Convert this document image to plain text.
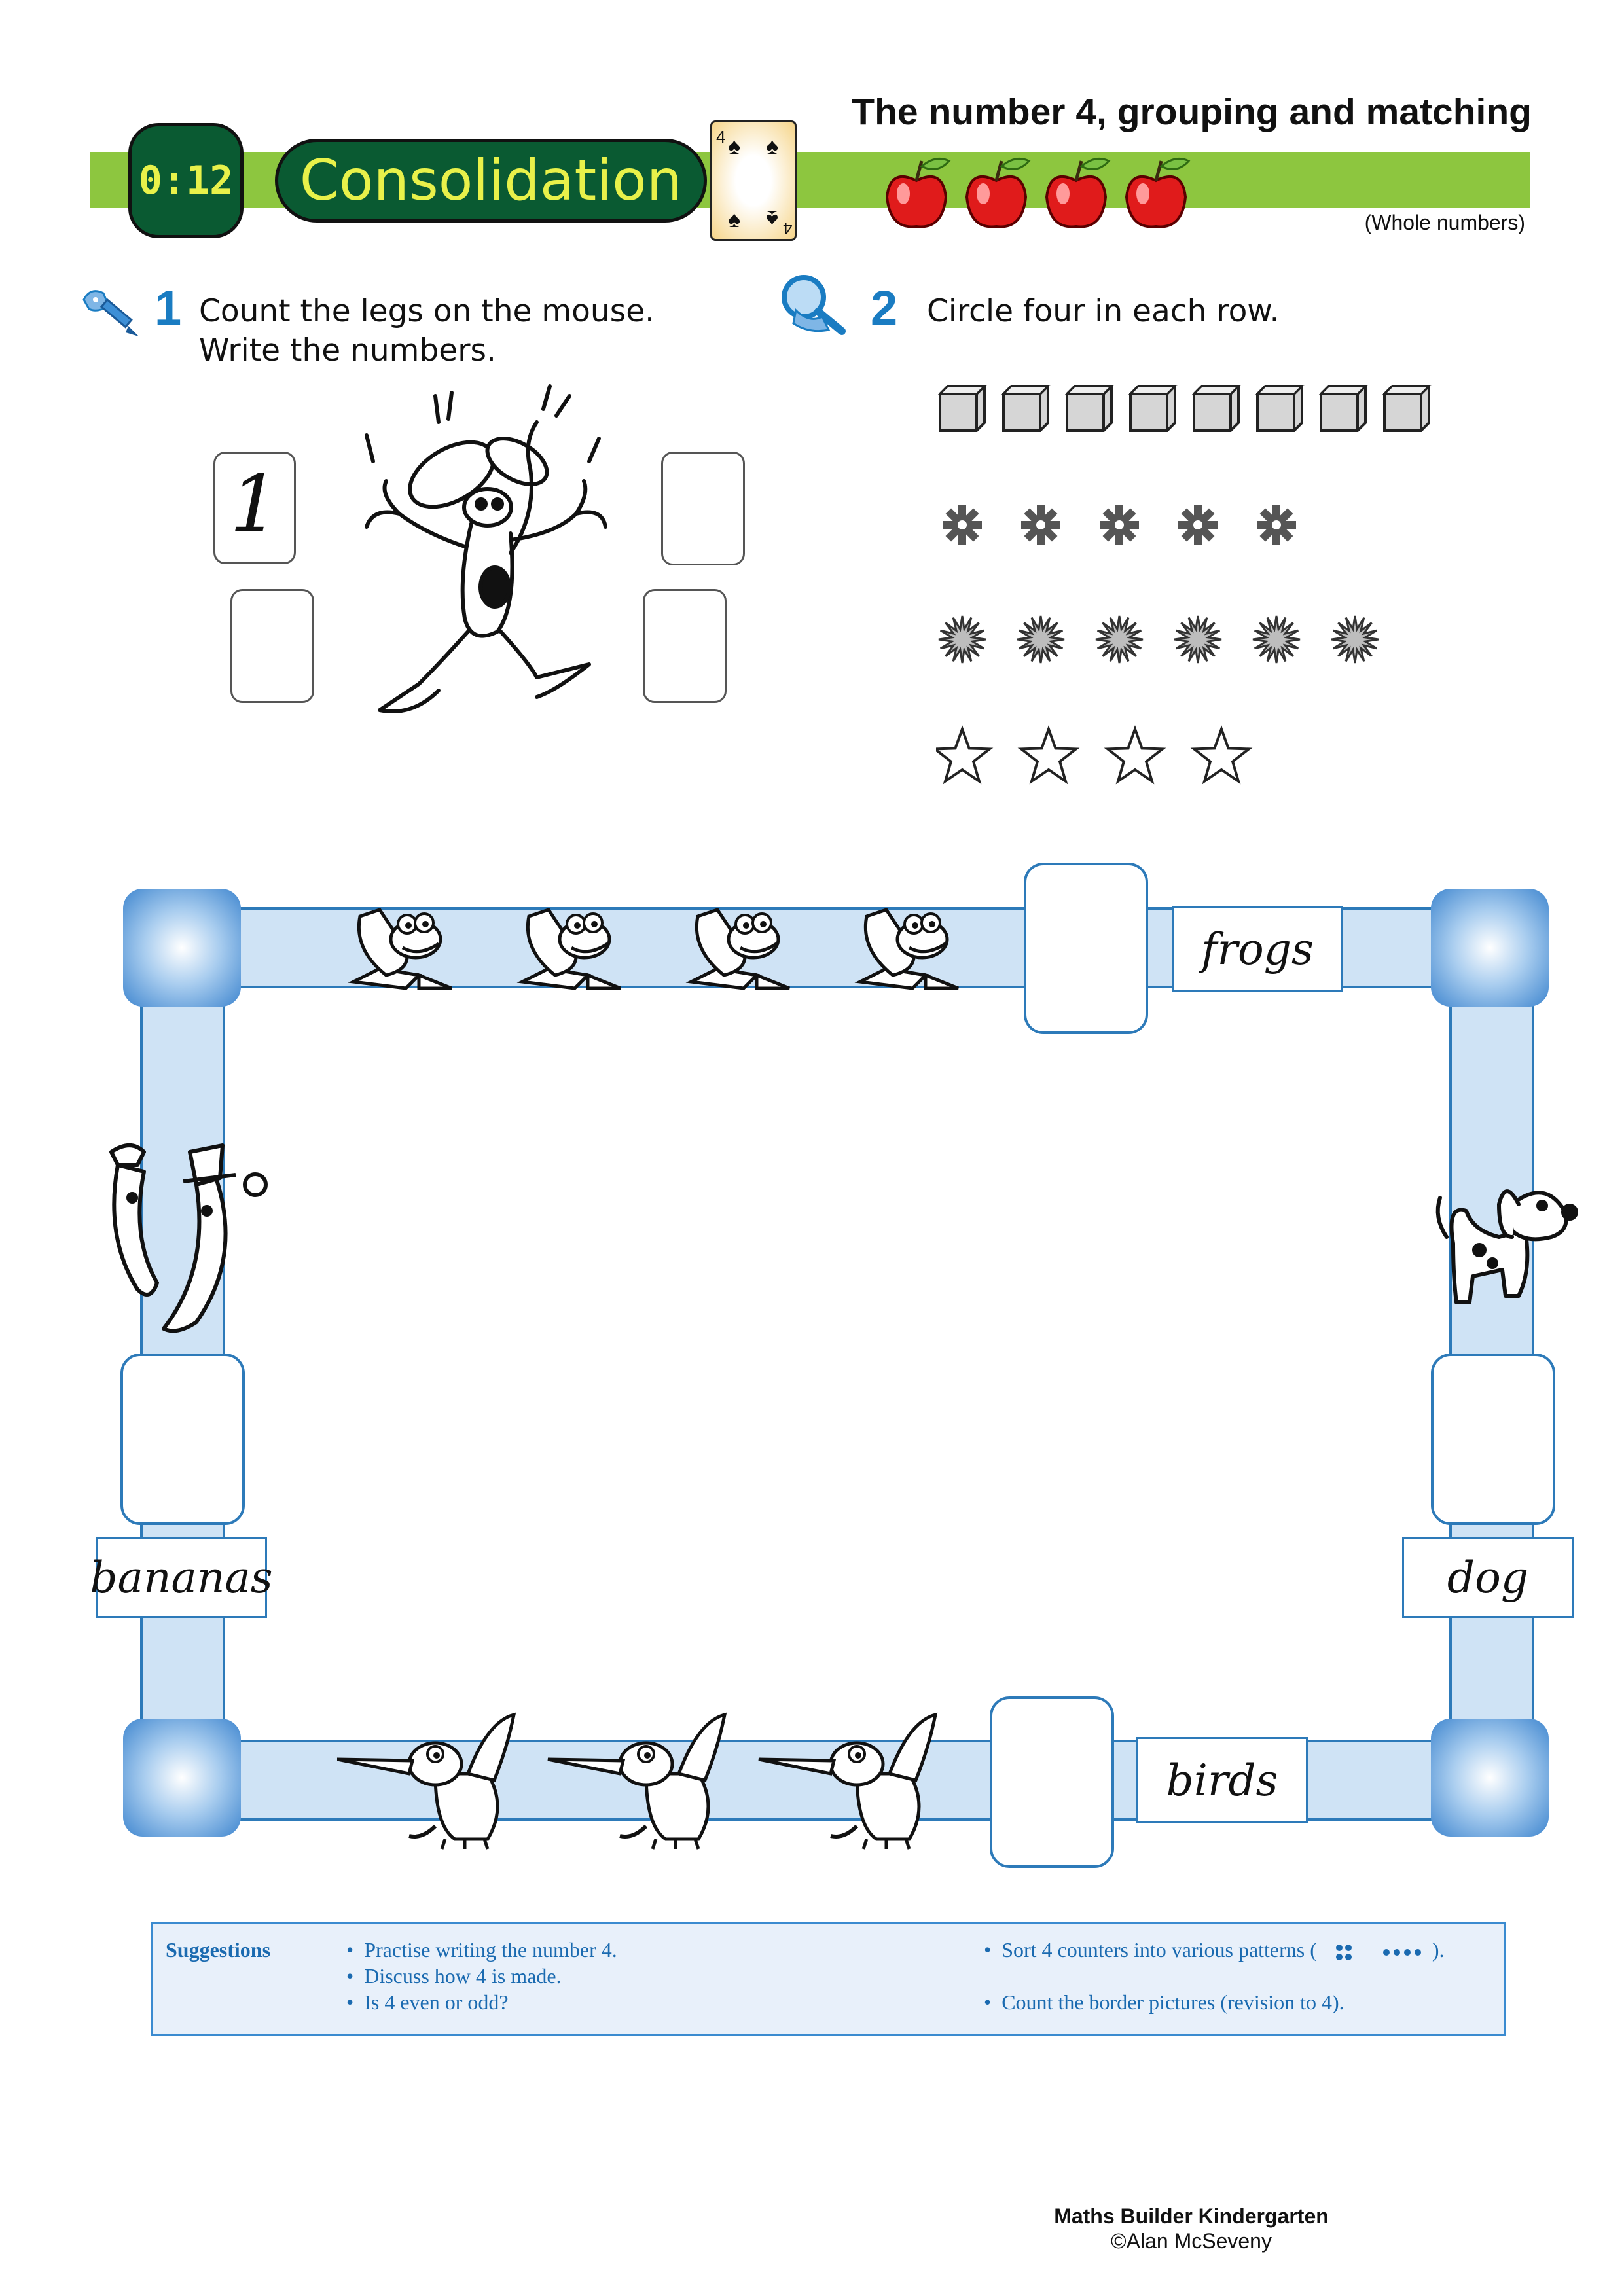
0:12	Consolidation
4 ♠ ♠
♠ ♠ 4
The number 4, grouping and matching
(Whole numbers)
1 Count the legs on the mouse.
Write the numbers.
1
2 Circle four in each row.
frogs
bananas	dog
birds
Suggestions	•  Practise writing the number 4.
•  Discuss how 4 is made.
•  Is 4 even or odd?
•  Sort 4 counters into various patterns (	).
•  Count the border pictures (revision to 4).
Maths Builder Kindergarten
©Alan McSeveny
